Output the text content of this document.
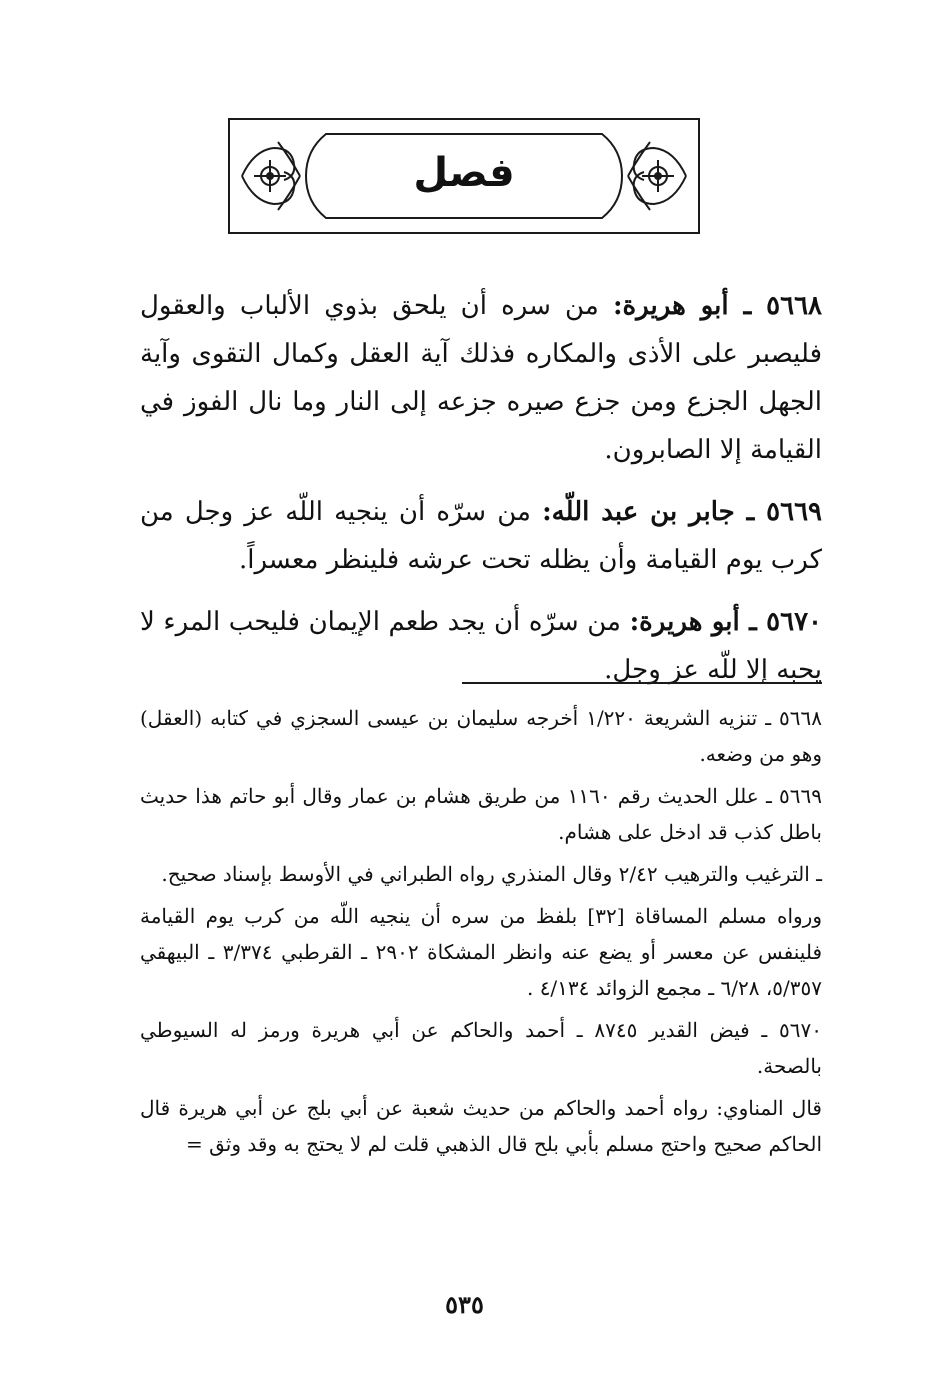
فصل

٥٦٦٨ ـ أبو هريرة: من سره أن يلحق بذوي الألباب والعقول فليصبر على الأذى والمكاره فذلك آية العقل وكمال التقوى وآية الجهل الجزع ومن جزع صيره جزعه إلى النار وما نال الفوز في القيامة إلا الصابرون.

٥٦٦٩ ـ جابر بن عبد اللّه: من سرّه أن ينجيه اللّه عز وجل من كرب يوم القيامة وأن يظله تحت عرشه فلينظر معسراً.

٥٦٧٠ ـ أبو هريرة: من سرّه أن يجد طعم الإيمان فليحب المرء لا يحبه إلا للّه عز وجل.

٥٦٦٨ ـ تنزيه الشريعة ١/٢٢٠ أخرجه سليمان بن عيسى السجزي في كتابه (العقل) وهو من وضعه.

٥٦٦٩ ـ علل الحديث رقم ١١٦٠ من طريق هشام بن عمار وقال أبو حاتم هذا حديث باطل كذب قد ادخل على هشام.

ـ الترغيب والترهيب ٢/٤٢ وقال المنذري رواه الطبراني في الأوسط بإسناد صحيح.

ورواه مسلم المساقاة [٣٢] بلفظ من سره أن ينجيه اللّه من كرب يوم القيامة فلينفس عن معسر أو يضع عنه وانظر المشكاة ٢٩٠٢ ـ القرطبي ٣/٣٧٤ ـ البيهقي ٥/٣٥٧، ٦/٢٨ ـ مجمع الزوائد ٤/١٣٤ .

٥٦٧٠ ـ فيض القدير ٨٧٤٥ ـ أحمد والحاكم عن أبي هريرة ورمز له السيوطي بالصحة.

قال المناوي: رواه أحمد والحاكم من حديث شعبة عن أبي بلج عن أبي هريرة قال الحاكم صحيح واحتج مسلم بأبي بلح قال الذهبي قلت لم لا يحتج به وقد وثق =

٥٣٥
